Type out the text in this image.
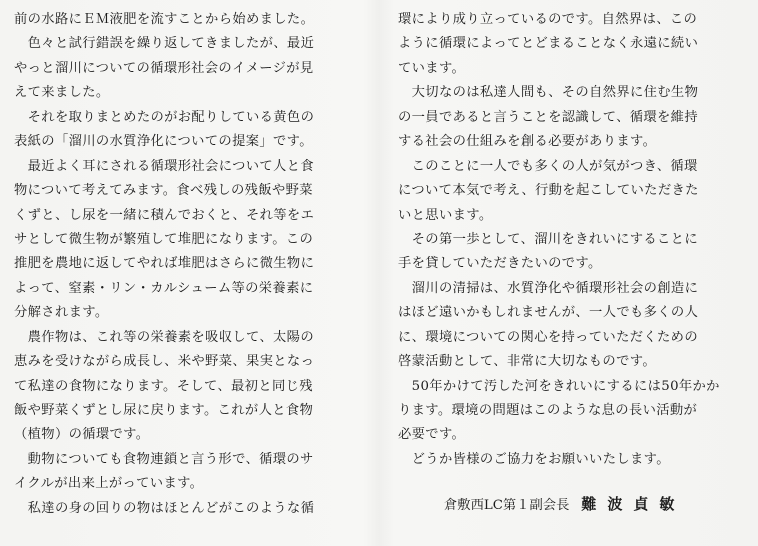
前の水路にＥＭ液肥を流すことから始めました。
　色々と試行錯誤を繰り返してきましたが、最近
やっと溜川についての循環形社会のイメージが見
えて来ました。
　それを取りまとめたのがお配りしている黄色の
表紙の「溜川の水質浄化についての提案」です。
　最近よく耳にされる循環形社会について人と食
物について考えてみます。食べ残しの残飯や野菜
くずと、し尿を一緒に積んでおくと、それ等をエ
サとして微生物が繁殖して堆肥になります。この
推肥を農地に返してやれば堆肥はさらに微生物に
よって、窒素・リン・カルシューム等の栄養素に
分解されます。
　農作物は、これ等の栄養素を吸収して、太陽の
恵みを受けながら成長し、米や野菜、果実となっ
て私達の食物になります。そして、最初と同じ残
飯や野菜くずとし尿に戻ります。これが人と食物
（植物）の循環です。
　動物についても食物連鎖と言う形で、循環のサ
イクルが出来上がっています。
　私達の身の回りの物はほとんどがこのような循
環により成り立っているのです。自然界は、この
ように循環によってとどまることなく永遠に続い
ています。
　大切なのは私達人間も、その自然界に住む生物
の一員であると言うことを認識して、循環を維持
する社会の仕組みを創る必要があります。
　このことに一人でも多くの人が気がつき、循環
について本気で考え、行動を起こしていただきた
いと思います。
　その第一歩として、溜川をきれいにすることに
手を貸していただきたいのです。
　溜川の清掃は、水質浄化や循環形社会の創造に
はほど遠いかもしれませんが、一人でも多くの人
に、環境についての関心を持っていただくための
啓蒙活動として、非常に大切なものです。
　50年かけて汚した河をきれいにするには50年かか
ります。環境の問題はこのような息の長い活動が
必要です。
　どうか皆様のご協力をお願いいたします。
倉敷西LC第１副会長 難波貞敏
